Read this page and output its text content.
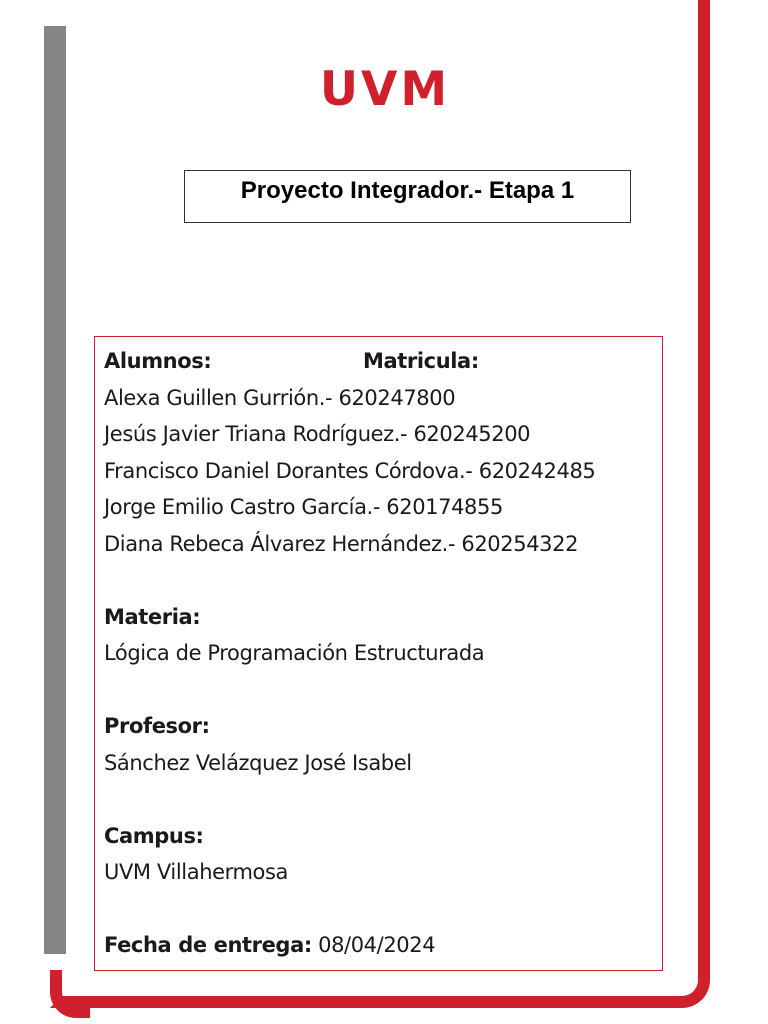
UVM
Proyecto Integrador.- Etapa 1
Alumnos:	Matricula:
Alexa Guillen Gurrión.- 620247800
Jesús Javier Triana Rodríguez.- 620245200
Francisco Daniel Dorantes Córdova.- 620242485
Jorge Emilio Castro García.- 620174855
Diana Rebeca Álvarez Hernández.- 620254322
Materia:
Lógica de Programación Estructurada
Profesor:
Sánchez Velázquez José Isabel
Campus:
UVM Villahermosa
Fecha de entrega: 08/04/2024
